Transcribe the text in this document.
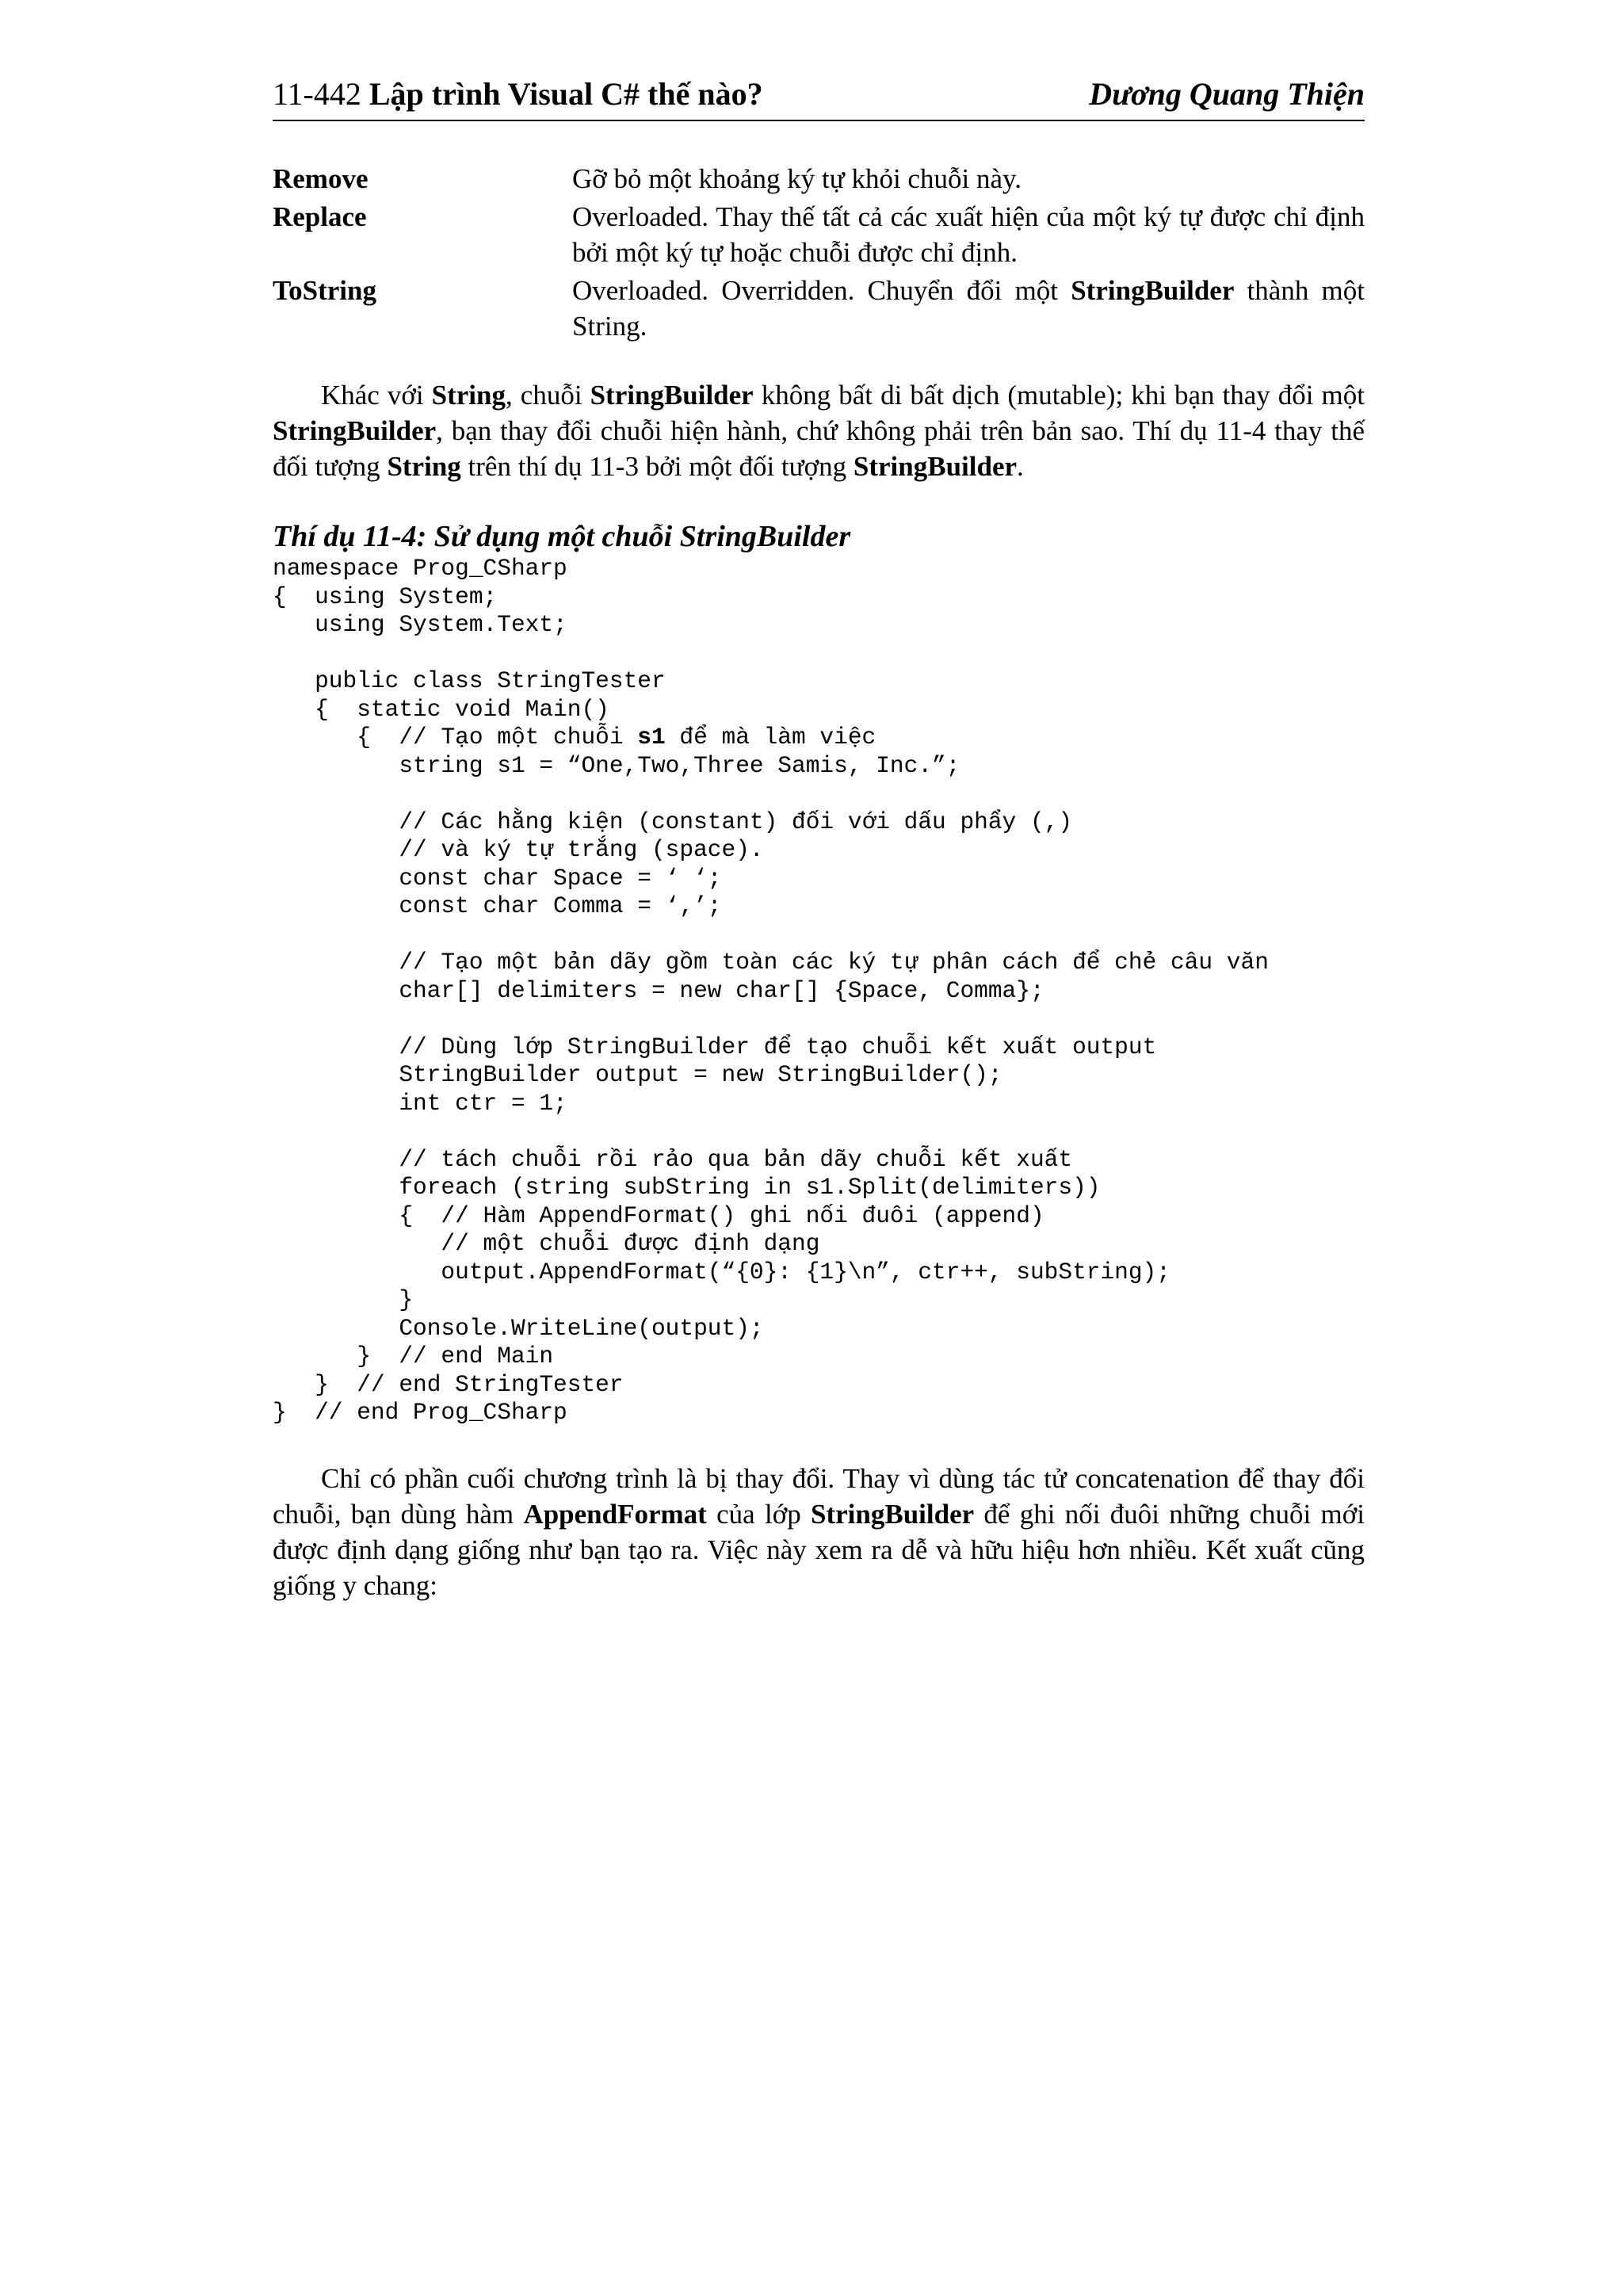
11-442 Lập trình Visual C# thế nào?	Dương Quang Thiện
Remove	Gỡ bỏ một khoảng ký tự khỏi chuỗi này.
Replace	Overloaded. Thay thế tất cả các xuất hiện của một ký tự được chỉ định bởi một ký tự hoặc chuỗi được chỉ định.
ToString	Overloaded. Overridden. Chuyển đổi một StringBuilder thành một String.
Khác với String, chuỗi StringBuilder không bất di bất dịch (mutable); khi bạn thay đổi một StringBuilder, bạn thay đổi chuỗi hiện hành, chứ không phải trên bản sao. Thí dụ 11-4 thay thế đối tượng String trên thí dụ 11-3 bởi một đối tượng StringBuilder.
Thí dụ 11-4: Sử dụng một chuỗi StringBuilder
namespace Prog_CSharp
{  using System;
using System.Text;
public class StringTester
{  static void Main()
{  // Tạo một chuỗi s1 để mà làm việc
string s1 = “One,Two,Three Samis, Inc.”;
// Các hằng kiện (constant) đối với dấu phẩy (,)
// và ký tự trắng (space).
const char Space = ‘ ‘;
const char Comma = ‘,’;
// Tạo một bản dãy gồm toàn các ký tự phân cách để chẻ câu văn
char[] delimiters = new char[] {Space, Comma};
// Dùng lớp StringBuilder để tạo chuỗi kết xuất output
StringBuilder output = new StringBuilder();
int ctr = 1;
// tách chuỗi rồi rảo qua bản dãy chuỗi kết xuất
foreach (string subString in s1.Split(delimiters))
{  // Hàm AppendFormat() ghi nối đuôi (append)
// một chuỗi được định dạng
output.AppendFormat(“{0}: {1}\n”, ctr++, subString);
}
Console.WriteLine(output);
}  // end Main
}  // end StringTester
}  // end Prog_CSharp
Chỉ có phần cuối chương trình là bị thay đổi. Thay vì dùng tác tử concatenation để thay đổi chuỗi, bạn dùng hàm AppendFormat của lớp StringBuilder để ghi nối đuôi những chuỗi mới được định dạng giống như bạn tạo ra. Việc này xem ra dễ và hữu hiệu hơn nhiều. Kết xuất cũng giống y chang:
